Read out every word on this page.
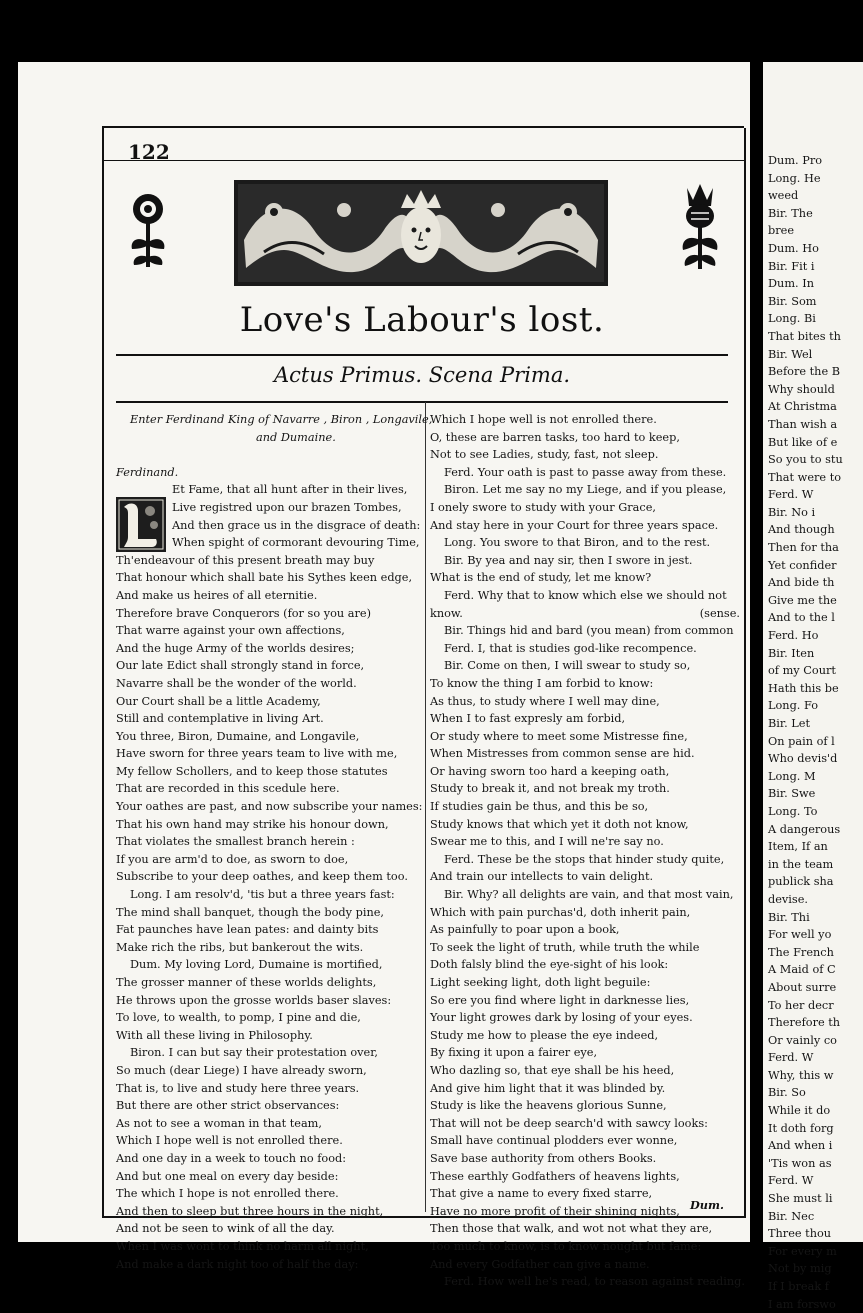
Dum. Pro
Long. He
weed
Bir. The
bree
Dum. Ho
Bir. Fit i
Dum. In
Bir. Som
Long. Bi
That bites th
Bir. Wel
Before the B
Why should
At Christma
Than wish a
But like of e
So you to stu
That were to
Ferd. W
Bir. No i
And though
Then for tha
Yet confider
And bide th
Give me the
And to the l
Ferd. Ho
Bir. Iten
of my Court
Hath this be
Long. Fo
Bir. Let
On pain of l
Who devis'd
Long. M
Bir. Swe
Long. To
A dangerous
Item, If an
in the team
publick sha
devise.
Bir. Thi
For well yo
The French
A Maid of C
About surre
To her decr
Therefore th
Or vainly co
Ferd. W
Why, this w
Bir. So
While it do
It doth forg
And when i
'Tis won as
Ferd. W
She must li
Bir. Nec
Three thou
For every m
Not by mig
If I break f
I am forswo
122
Love's Labour's lost.
Actus Primus. Scena Prima.
Enter Ferdinand King of Navarre , Biron , Longavile,
and Dumaine.
Ferdinand.
Et Fame, that all hunt after in their lives,
Live registred upon our brazen Tombes,
And then grace us in the disgrace of death:
When spight of cormorant devouring Time,
Th'endeavour of this present breath may buy
That honour which shall bate his Sythes keen edge,
And make us heires of all eternitie.
Therefore brave Conquerors (for so you are)
That warre against your own affections,
And the huge Army of the worlds desires;
Our late Edict shall strongly stand in force,
Navarre shall be the wonder of the world.
Our Court shall be a little Academy,
Still and contemplative in living Art.
You three, Biron, Dumaine, and Longavile,
Have sworn for three years team to live with me,
My fellow Schollers, and to keep those statutes
That are recorded in this scedule here.
Your oathes are past, and now subscribe your names:
That his own hand may strike his honour down,
That violates the smallest branch herein :
If you are arm'd to doe, as sworn to doe,
Subscribe to your deep oathes, and keep them too.
Long. I am resolv'd, 'tis but a three years fast:
The mind shall banquet, though the body pine,
Fat paunches have lean pates: and dainty bits
Make rich the ribs, but bankerout the wits.
Dum. My loving Lord, Dumaine is mortified,
The grosser manner of these worlds delights,
He throws upon the grosse worlds baser slaves:
To love, to wealth, to pomp, I pine and die,
With all these living in Philosophy.
Biron. I can but say their protestation over,
So much (dear Liege) I have already sworn,
That is, to live and study here three years.
But there are other strict observances:
As not to see a woman in that team,
Which I hope well is not enrolled there.
And one day in a week to touch no food:
And but one meal on every day beside:
The which I hope is not enrolled there.
And then to sleep but three hours in the night,
And not be seen to wink of all the day.
When I was wont to think no harm all night,
And make a dark night too of half the day:
Which I hope well is not enrolled there.
O, these are barren tasks, too hard to keep,
Not to see Ladies, study, fast, not sleep.
Ferd. Your oath is past to passe away from these.
Biron. Let me say no my Liege, and if you please,
I onely swore to study with your Grace,
And stay here in your Court for three years space.
Long. You swore to that Biron, and to the rest.
Bir. By yea and nay sir, then I swore in jest.
What is the end of study, let me know?
Ferd. Why that to know which else we should not
know.	(sense.
Bir. Things hid and bard (you mean) from common
Ferd. I, that is studies god-like recompence.
Bir. Come on then, I will swear to study so,
To know the thing I am forbid to know:
As thus, to study where I well may dine,
When I to fast expresly am forbid,
Or study where to meet some Mistresse fine,
When Mistresses from common sense are hid.
Or having sworn too hard a keeping oath,
Study to break it, and not break my troth.
If studies gain be thus, and this be so,
Study knows that which yet it doth not know,
Swear me to this, and I will ne're say no.
Ferd. These be the stops that hinder study quite,
And train our intellects to vain delight.
Bir. Why? all delights are vain, and that most vain,
Which with pain purchas'd, doth inherit pain,
As painfully to poar upon a book,
To seek the light of truth, while truth the while
Doth falsly blind the eye-sight of his look:
Light seeking light, doth light beguile:
So ere you find where light in darknesse lies,
Your light growes dark by losing of your eyes.
Study me how to please the eye indeed,
By fixing it upon a fairer eye,
Who dazling so, that eye shall be his heed,
And give him light that it was blinded by.
Study is like the heavens glorious Sunne,
That will not be deep search'd with sawcy looks:
Small have continual plodders ever wonne,
Save base authority from others Books.
These earthly Godfathers of heavens lights,
That give a name to every fixed starre,
Have no more profit of their shining nights,
Then those that walk, and wot not what they are,
Too much to know, is to know nought but fame:
And every Godfather can give a name.
Ferd. How well he's read, to reason against reading.
Dum.
